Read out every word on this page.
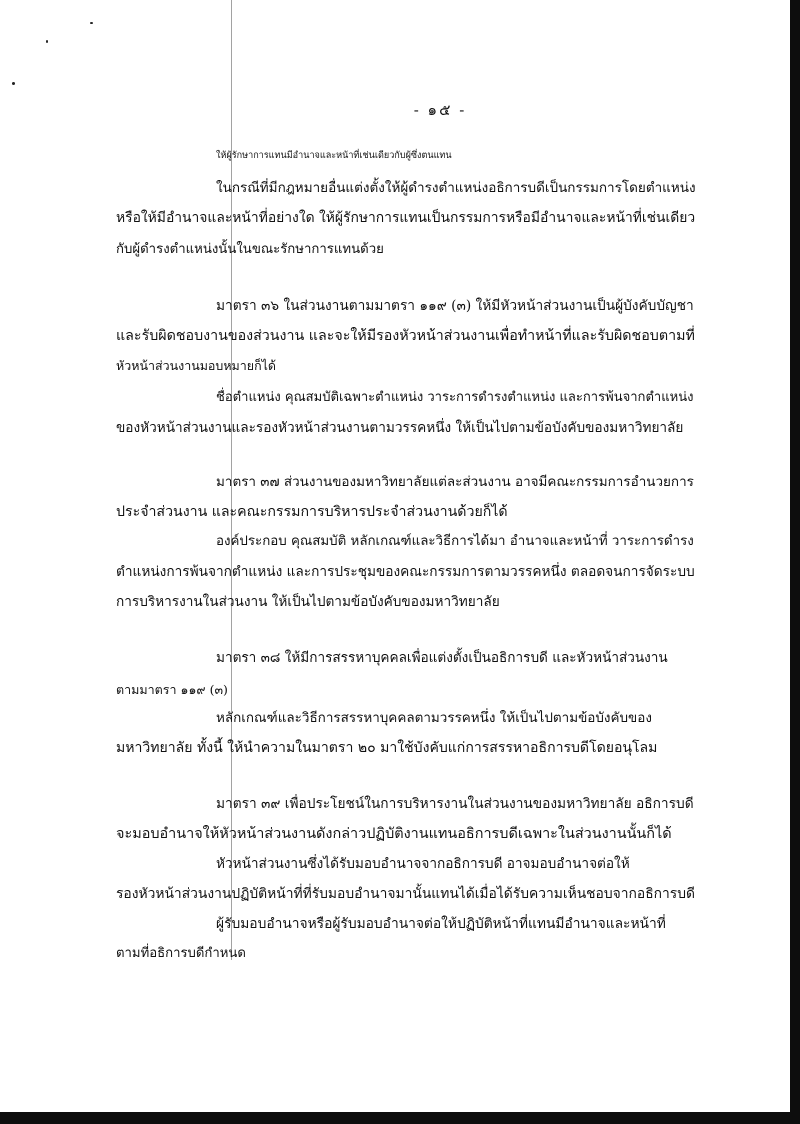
- ๑๕ -
ให้ผู้รักษาการแทนมีอำนาจและหน้าที่เช่นเดียวกับผู้ซึ่งตนแทน
ในกรณีที่มีกฎหมายอื่นแต่งตั้งให้ผู้ดำรงตำแหน่งอธิการบดีเป็นกรรมการโดยตำแหน่ง
หรือให้มีอำนาจและหน้าที่อย่างใด ให้ผู้รักษาการแทนเป็นกรรมการหรือมีอำนาจและหน้าที่เช่นเดียว
กับผู้ดำรงตำแหน่งนั้นในขณะรักษาการแทนด้วย
มาตรา ๓๖ ในส่วนงานตามมาตรา ๑๑๙ (๓) ให้มีหัวหน้าส่วนงานเป็นผู้บังคับบัญชา
และรับผิดชอบงานของส่วนงาน และจะให้มีรองหัวหน้าส่วนงานเพื่อทำหน้าที่และรับผิดชอบตามที่
หัวหน้าส่วนงานมอบหมายก็ได้
ชื่อตำแหน่ง คุณสมบัติเฉพาะตำแหน่ง วาระการดำรงตำแหน่ง และการพ้นจากตำแหน่ง
ของหัวหน้าส่วนงานและรองหัวหน้าส่วนงานตามวรรคหนึ่ง ให้เป็นไปตามข้อบังคับของมหาวิทยาลัย
มาตรา ๓๗ ส่วนงานของมหาวิทยาลัยแต่ละส่วนงาน อาจมีคณะกรรมการอำนวยการ
ประจำส่วนงาน และคณะกรรมการบริหารประจำส่วนงานด้วยก็ได้
องค์ประกอบ คุณสมบัติ หลักเกณฑ์และวิธีการได้มา อำนาจและหน้าที่ วาระการดำรง
ตำแหน่งการพ้นจากตำแหน่ง และการประชุมของคณะกรรมการตามวรรคหนึ่ง ตลอดจนการจัดระบบ
การบริหารงานในส่วนงาน ให้เป็นไปตามข้อบังคับของมหาวิทยาลัย
มาตรา ๓๘ ให้มีการสรรหาบุคคลเพื่อแต่งตั้งเป็นอธิการบดี และหัวหน้าส่วนงาน
ตามมาตรา ๑๑๙ (๓)
หลักเกณฑ์และวิธีการสรรหาบุคคลตามวรรคหนึ่ง ให้เป็นไปตามข้อบังคับของ
มหาวิทยาลัย ทั้งนี้ ให้นำความในมาตรา ๒๐ มาใช้บังคับแก่การสรรหาอธิการบดีโดยอนุโลม
มาตรา ๓๙ เพื่อประโยชน์ในการบริหารงานในส่วนงานของมหาวิทยาลัย อธิการบดี
จะมอบอำนาจให้หัวหน้าส่วนงานดังกล่าวปฏิบัติงานแทนอธิการบดีเฉพาะในส่วนงานนั้นก็ได้
หัวหน้าส่วนงานซึ่งได้รับมอบอำนาจจากอธิการบดี อาจมอบอำนาจต่อให้
รองหัวหน้าส่วนงานปฏิบัติหน้าที่ที่รับมอบอำนาจมานั้นแทนได้เมื่อได้รับความเห็นชอบจากอธิการบดี
ผู้รับมอบอำนาจหรือผู้รับมอบอำนาจต่อให้ปฏิบัติหน้าที่แทนมีอำนาจและหน้าที่
ตามที่อธิการบดีกำหนด
